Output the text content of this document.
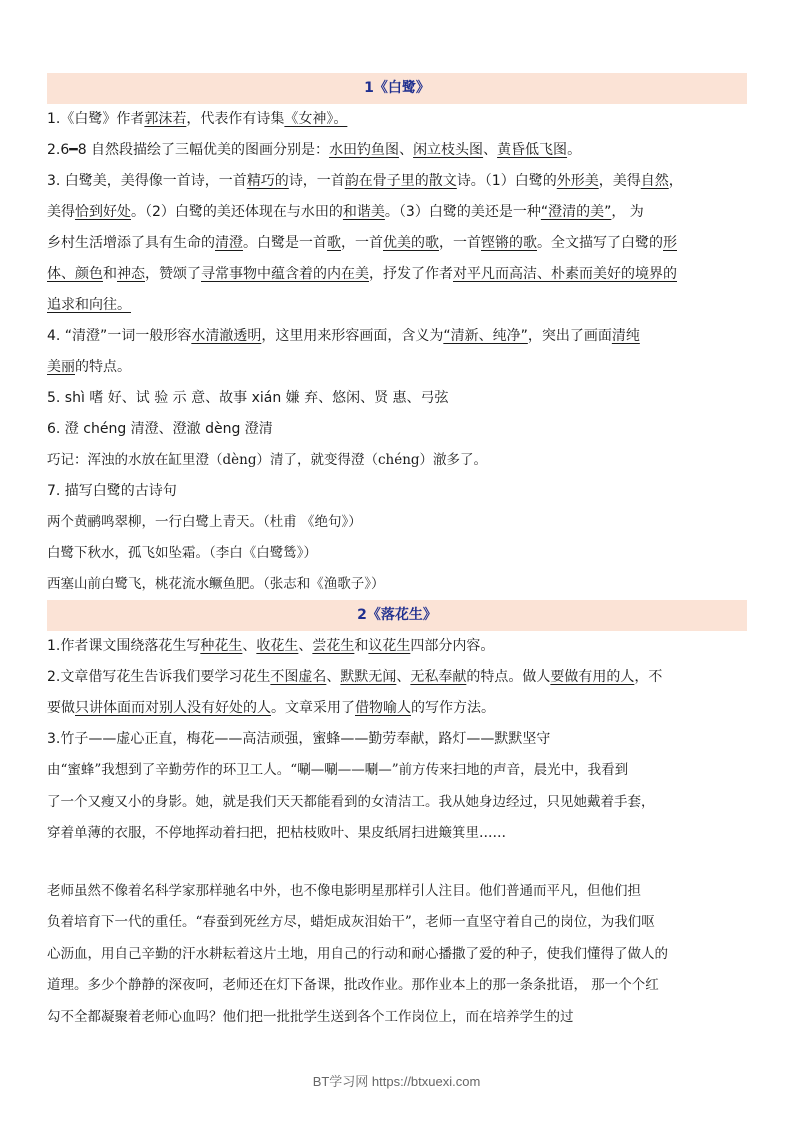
1《白鹭》
1.《白鹭》作者郭沫若，代表作有诗集《女神》。
2.6━8 自然段描绘了三幅优美的图画分别是：水田钓鱼图、闲立枝头图、黄昏低飞图。
3. 白鹭美，美得像一首诗，一首精巧的诗，一首韵在骨子里的散文诗。（1）白鹭的外形美，美得自然，
美得恰到好处。（2）白鹭的美还体现在与水田的和谐美。（3）白鹭的美还是一种“澄清的美”， 为
乡村生活增添了具有生命的清澄。白鹭是一首歌，一首优美的歌，一首铿锵的歌。全文描写了白鹭的形
体、颜色和神态，赞颂了寻常事物中蕴含着的内在美，抒发了作者对平凡而高洁、朴素而美好的境界的
追求和向往。
4. “清澄”一词一般形容水清澈透明，这里用来形容画面，含义为“清新、纯净”，突出了画面清纯
美丽的特点。
5. shì 嗜 好、试 验 示 意、故事 xián 嫌 弃、悠闲、贤 惠、弓弦
6. 澄 chéng 清澄、澄澈 dèng 澄清
巧记：浑浊的水放在缸里澄（dèng）清了，就变得澄（chéng）澈多了。
7. 描写白鹭的古诗句
两个黄鹂鸣翠柳，一行白鹭上青天。（杜甫 《绝句》）
白鹭下秋水，孤飞如坠霜。（李白《白鹭鸶》）
西塞山前白鹭飞，桃花流水鳜鱼肥。（张志和《渔歌子》）
2《落花生》
1.作者课文围绕落花生写种花生、收花生、尝花生和议花生四部分内容。
2.文章借写花生告诉我们要学习花生不图虚名、默默无闻、无私奉献的特点。做人要做有用的人，不
要做只讲体面而对别人没有好处的人。文章采用了借物喻人的写作方法。
3.竹子——虚心正直，梅花——高洁顽强，蜜蜂——勤劳奉献，路灯——默默坚守
由“蜜蜂”我想到了辛勤劳作的环卫工人。“唰—唰——唰—”前方传来扫地的声音，晨光中，我看到
了一个又瘦又小的身影。她，就是我们天天都能看到的女清洁工。我从她身边经过，只见她戴着手套，
穿着单薄的衣服，不停地挥动着扫把，把枯枝败叶、果皮纸屑扫进簸箕里……
老师虽然不像着名科学家那样驰名中外，也不像电影明星那样引人注目。他们普通而平凡，但他们担
负着培育下一代的重任。“春蚕到死丝方尽，蜡炬成灰泪始干”，老师一直坚守着自己的岗位，为我们呕
心沥血，用自己辛勤的汗水耕耘着这片土地，用自己的行动和耐心播撒了爱的种子，使我们懂得了做人的
道理。多少个静静的深夜呵，老师还在灯下备课，批改作业。那作业本上的那一条条批语， 那一个个红
勾不全都凝聚着老师心血吗？他们把一批批学生送到各个工作岗位上，而在培养学生的过
BT学习网 https://btxuexi.com
